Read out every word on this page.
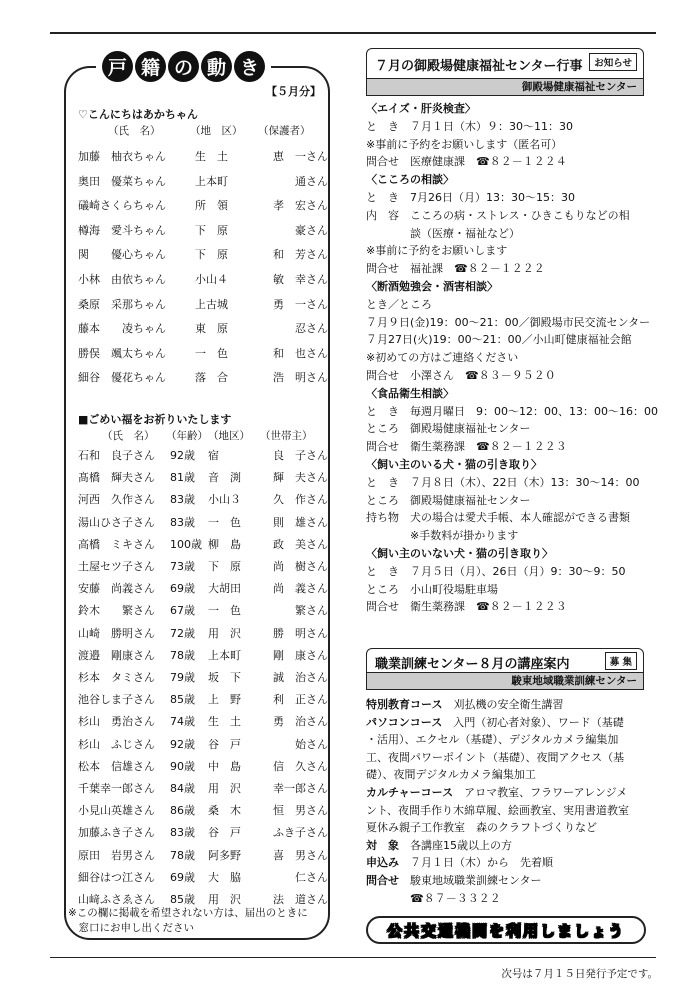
戸 籍 の 動 き
【５月分】
♡こんにちはあかちゃん
（氏　名）	（地　区） （保護者）
加藤　柚衣ちゃん	生　土	恵　一さん
奥田　優菜ちゃん	上本町	通さん
礒崎さくらちゃん	所　領	孝　宏さん
樽海　愛斗ちゃん	下　原	豪さん
関　　優心ちゃん	下　原	和　芳さん
小林　由依ちゃん	小山４	敏　幸さん
桑原　采那ちゃん	上古城	勇　一さん
藤本　　凌ちゃん	東　原	忍さん
勝俣　颯太ちゃん	一　色	和　也さん
細谷　優花ちゃん	落　合	浩　明さん
■ごめい福をお祈りいたします
（氏　名） （年齢） （地区） （世帯主）
石和　良子さん 92歳 宿	良　子さん
髙橋　輝夫さん 81歳 音　渕	輝　夫さん
河西　久作さん 83歳 小山３	久　作さん
湯山ひさ子さん 83歳 一　色	則　雄さん
高橋　ミキさん 100歳 柳　島	政　美さん
土屋セツ子さん 73歳 下　原	尚　樹さん
安藤　尚義さん 69歳 大胡田	尚　義さん
鈴木　　繁さん 67歳 一　色	繁さん
山崎　勝明さん 72歳 用　沢	勝　明さん
渡邉　剛康さん 78歳 上本町	剛　康さん
杉本　タミさん 79歳 坂　下	誠　治さん
池谷しま子さん 85歳 上　野	利　正さん
杉山　勇治さん 74歳 生　土	勇　治さん
杉山　ふじさん 92歳 谷　戸	始さん
松本　信雄さん 90歳 中　島	信　久さん
千葉幸一郎さん 84歳 用　沢	幸一郎さん
小見山英雄さん 86歳 桑　木	恒　男さん
加藤ふき子さん 83歳 谷　戸	ふき子さん
原田　岩男さん 78歳 阿多野	喜　男さん
細谷はつ江さん 69歳 大　脇	仁さん
山﨑ふさゑさん 85歳 用　沢	法　道さん
※この欄に掲載を希望されない方は、届出のときに
　窓口にお申し出ください
７月の御殿場健康福祉センター行事	お知らせ
御殿場健康福祉センター
〈エイズ・肝炎検査〉
と　き　７月１日（木）９：30～11：30
※事前に予約をお願いします（匿名可）
問合せ　医療健康課　☎８２－１２２４
〈こころの相談〉
と　き　7月26日（月）13：30～15：30
内　容　こころの病・ストレス・ひきこもりなどの相
　　　　談（医療・福祉など）
※事前に予約をお願いします
問合せ　福祉課　☎８２－１２２２
〈断酒勉強会・酒害相談〉
とき／ところ
７月９日(金)19：00～21：00／御殿場市民交流センター
７月27日(火)19：00～21：00／小山町健康福祉会館
※初めての方はご連絡ください
問合せ　小澤さん　☎８３－９５２０
〈食品衛生相談〉
と　き　毎週月曜日　9：00～12：00、13：00～16：00
ところ　御殿場健康福祉センター
問合せ　衛生薬務課　☎８２－１２２３
〈飼い主のいる犬・猫の引き取り〉
と　き　７月８日（木）、22日（木）13：30～14：00
ところ　御殿場健康福祉センター
持ち物　犬の場合は愛犬手帳、本人確認ができる書類
　　　　※手数料が掛かります
〈飼い主のいない犬・猫の引き取り〉
と　き　７月５日（月）、26日（月）9：30～9：50
ところ　小山町役場駐車場
問合せ　衛生薬務課　☎８２－１２２３
職業訓練センター８月の講座案内	募 集
駿東地域職業訓練センター
特別教育コース　刈払機の安全衛生講習
パソコンコース　入門（初心者対象）、ワード（基礎
・活用）、エクセル（基礎）、デジタルカメラ編集加
工、夜間パワーポイント（基礎）、夜間アクセス（基
礎）、夜間デジタルカメラ編集加工
カルチャーコース　アロマ教室、フラワーアレンジメ
ント、夜間手作り木綿草履、絵画教室、実用書道教室
夏休み親子工作教室　森のクラフトづくりなど
対　象　各講座15歳以上の方
申込み　７月１日（木）から　先着順
問合せ　駿東地域職業訓練センター
　　　　☎８７－３３２２
公共交通機関を利用しましょう
次号は７月１５日発行予定です。
